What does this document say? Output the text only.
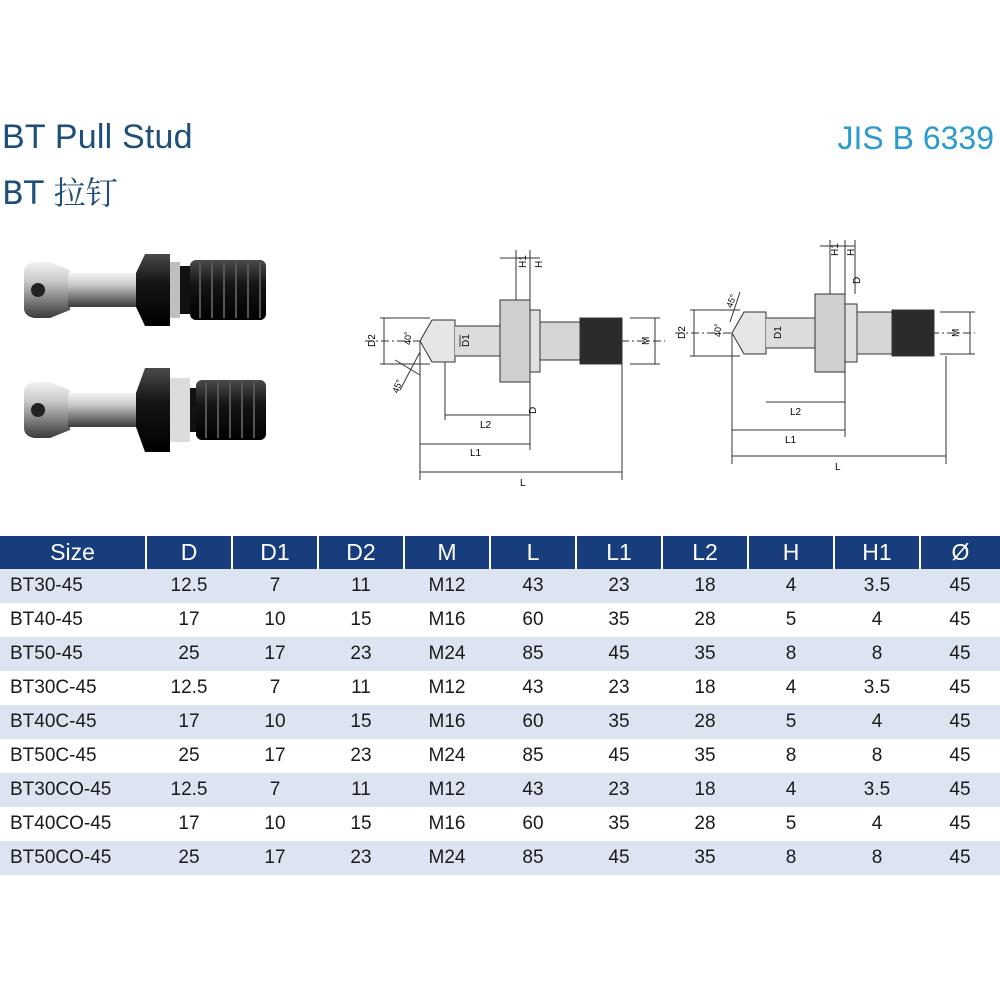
BT Pull Stud
BT 拉钉
JIS B 6339
D2	D1
D
M
40°
45°
H1 H
L2
L1
L
D2	D1	M
D
40°
45°
H1 H
L2
L1
L
Size	D	D1	D2	M	L	L1	L2	H	H1	Ø
BT30-45	12.5	7	11	M12	43	23	18	4	3.5	45
BT40-45	17	10	15	M16	60	35	28	5	4	45
BT50-45	25	17	23	M24	85	45	35	8	8	45
BT30C-45	12.5	7	11	M12	43	23	18	4	3.5	45
BT40C-45	17	10	15	M16	60	35	28	5	4	45
BT50C-45	25	17	23	M24	85	45	35	8	8	45
BT30CO-45	12.5	7	11	M12	43	23	18	4	3.5	45
BT40CO-45	17	10	15	M16	60	35	28	5	4	45
BT50CO-45	25	17	23	M24	85	45	35	8	8	45
